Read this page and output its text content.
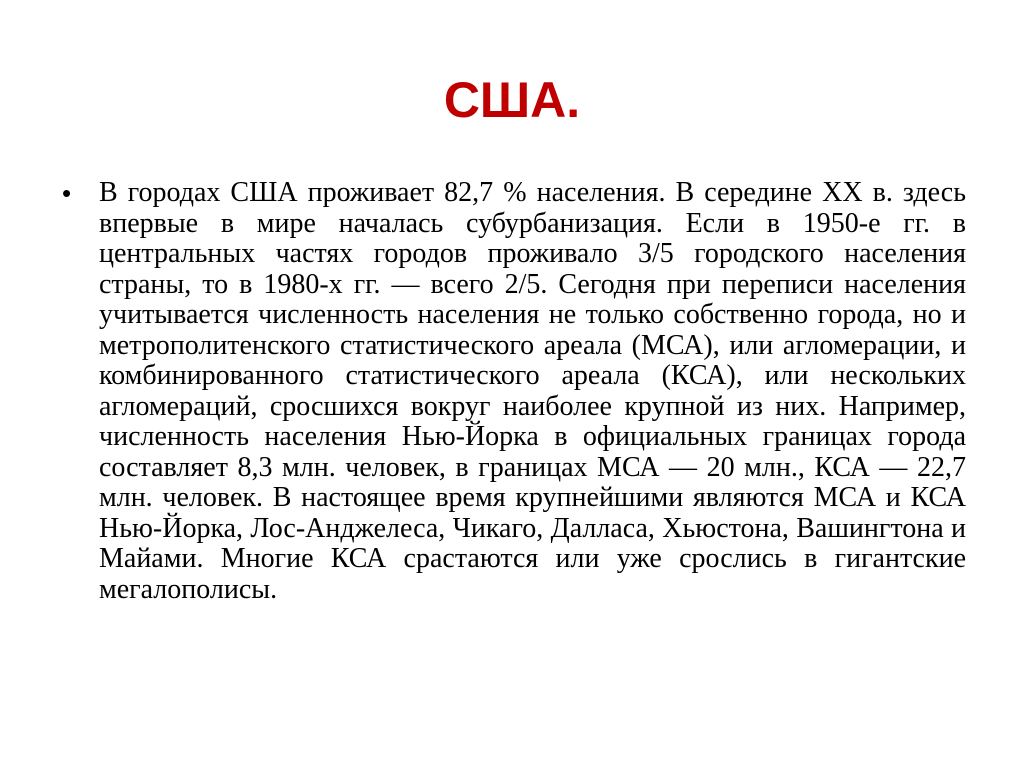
США.
• В городах США проживает 82,7 % населения. В середине XX в. здесь впервые в мире началась субурбанизация. Если в 1950-е гг. в центральных частях городов проживало 3/5 городского населения страны, то в 1980-х гг. — всего 2/5. Сегодня при переписи населения учитывается численность населения не только собственно города, но и метрополитенского статистического ареала (МСА), или агломерации, и комбинированного статистического ареала (КСА), или нескольких агломераций, сросшихся вокруг наиболее крупной из них. Например, численность населения Нью-Йорка в официальных границах города составляет 8,3 млн. человек, в границах МСА — 20 млн., КСА — 22,7 млн. человек. В настоящее время крупнейшими являются МСА и КСА Нью-Йорка, Лос-Анджелеса, Чикаго, Далласа, Хьюстона, Вашингтона и Майами. Многие КСА срастаются или уже срослись в гигантские мегалополисы.
